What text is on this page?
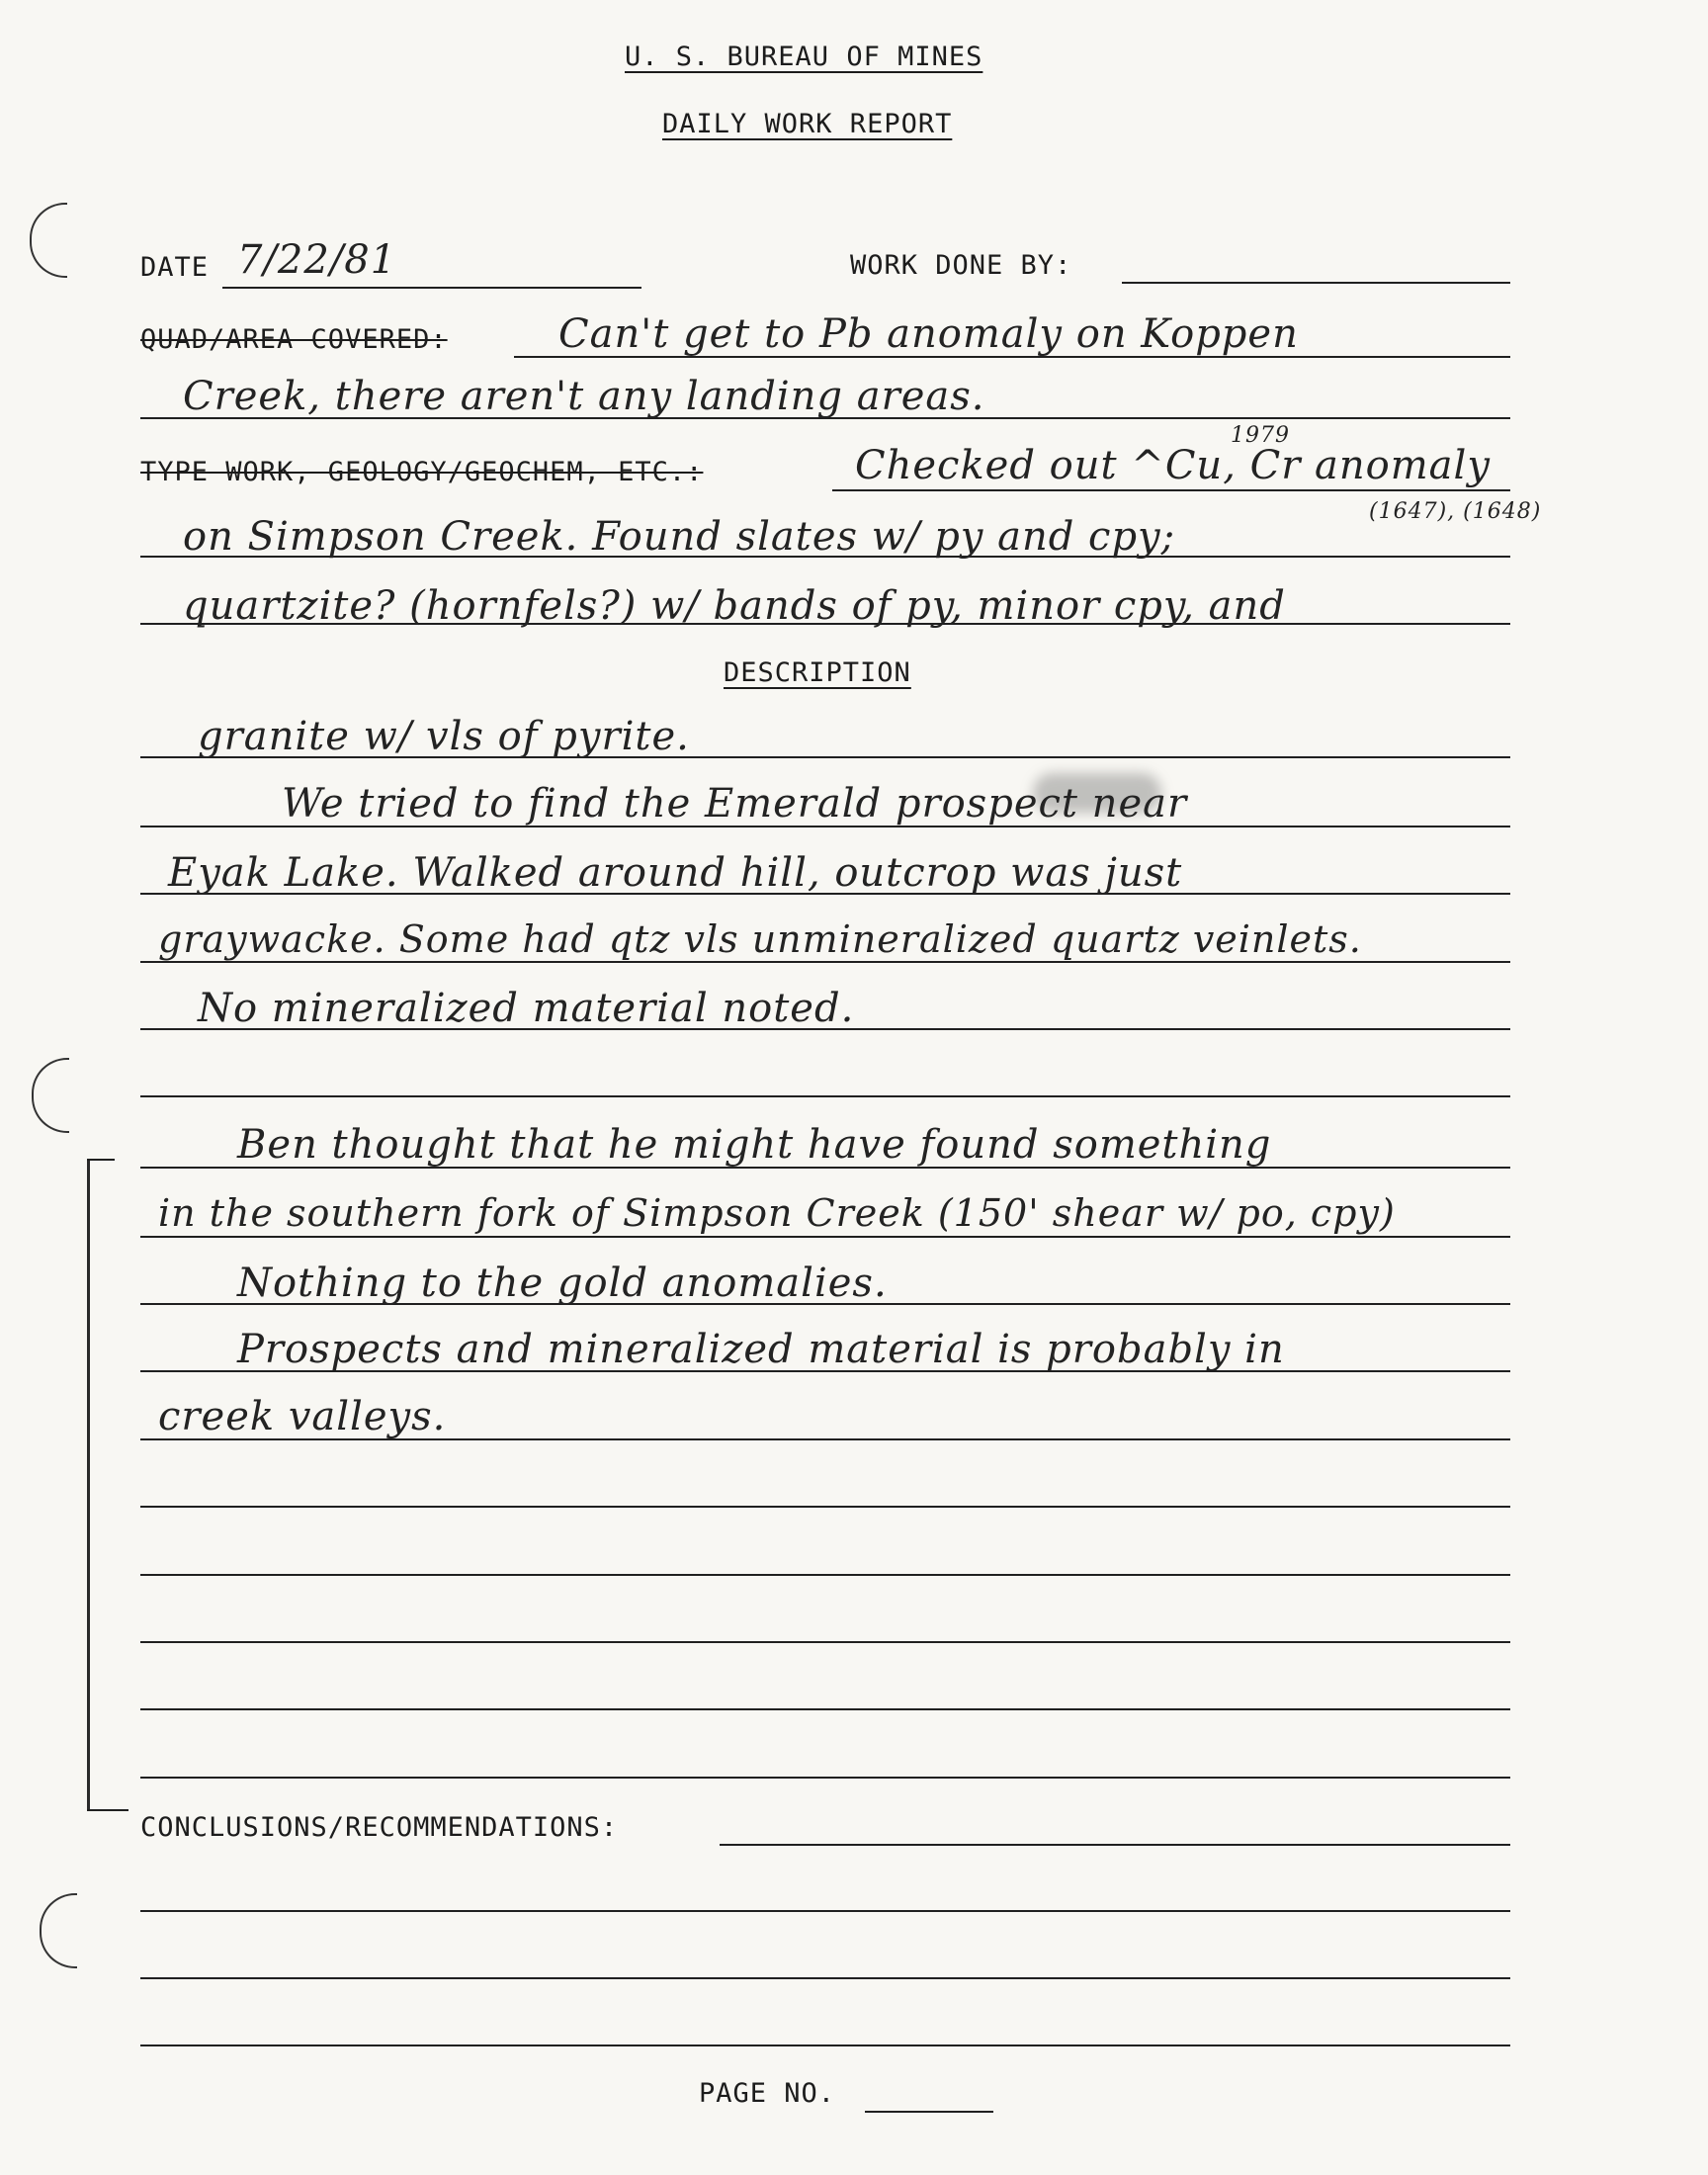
U. S. BUREAU OF MINES
DAILY WORK REPORT
DATE 7/22/81	WORK DONE BY:
QUAD/AREA COVERED:	Can't get to Pb anomaly on Koppen
Creek, there aren't any landing areas.
TYPE WORK, GEOLOGY/GEOCHEM, ETC.:	Checked out ^Cu, Cr anomaly
1979
(1647), (1648)
on Simpson Creek. Found slates w/ py and cpy;
quartzite? (hornfels?) w/ bands of py, minor cpy, and
DESCRIPTION
granite w/ vls of pyrite.
We tried to find the Emerald prospect near
Eyak Lake. Walked around hill, outcrop was just
graywacke. Some had qtz vls unmineralized quartz veinlets.
No mineralized material noted.
Ben thought that he might have found something
in the southern fork of Simpson Creek (150' shear w/ po, cpy)
Nothing to the gold anomalies.
Prospects and mineralized material is probably in
creek valleys.
CONCLUSIONS/RECOMMENDATIONS:
PAGE NO.
